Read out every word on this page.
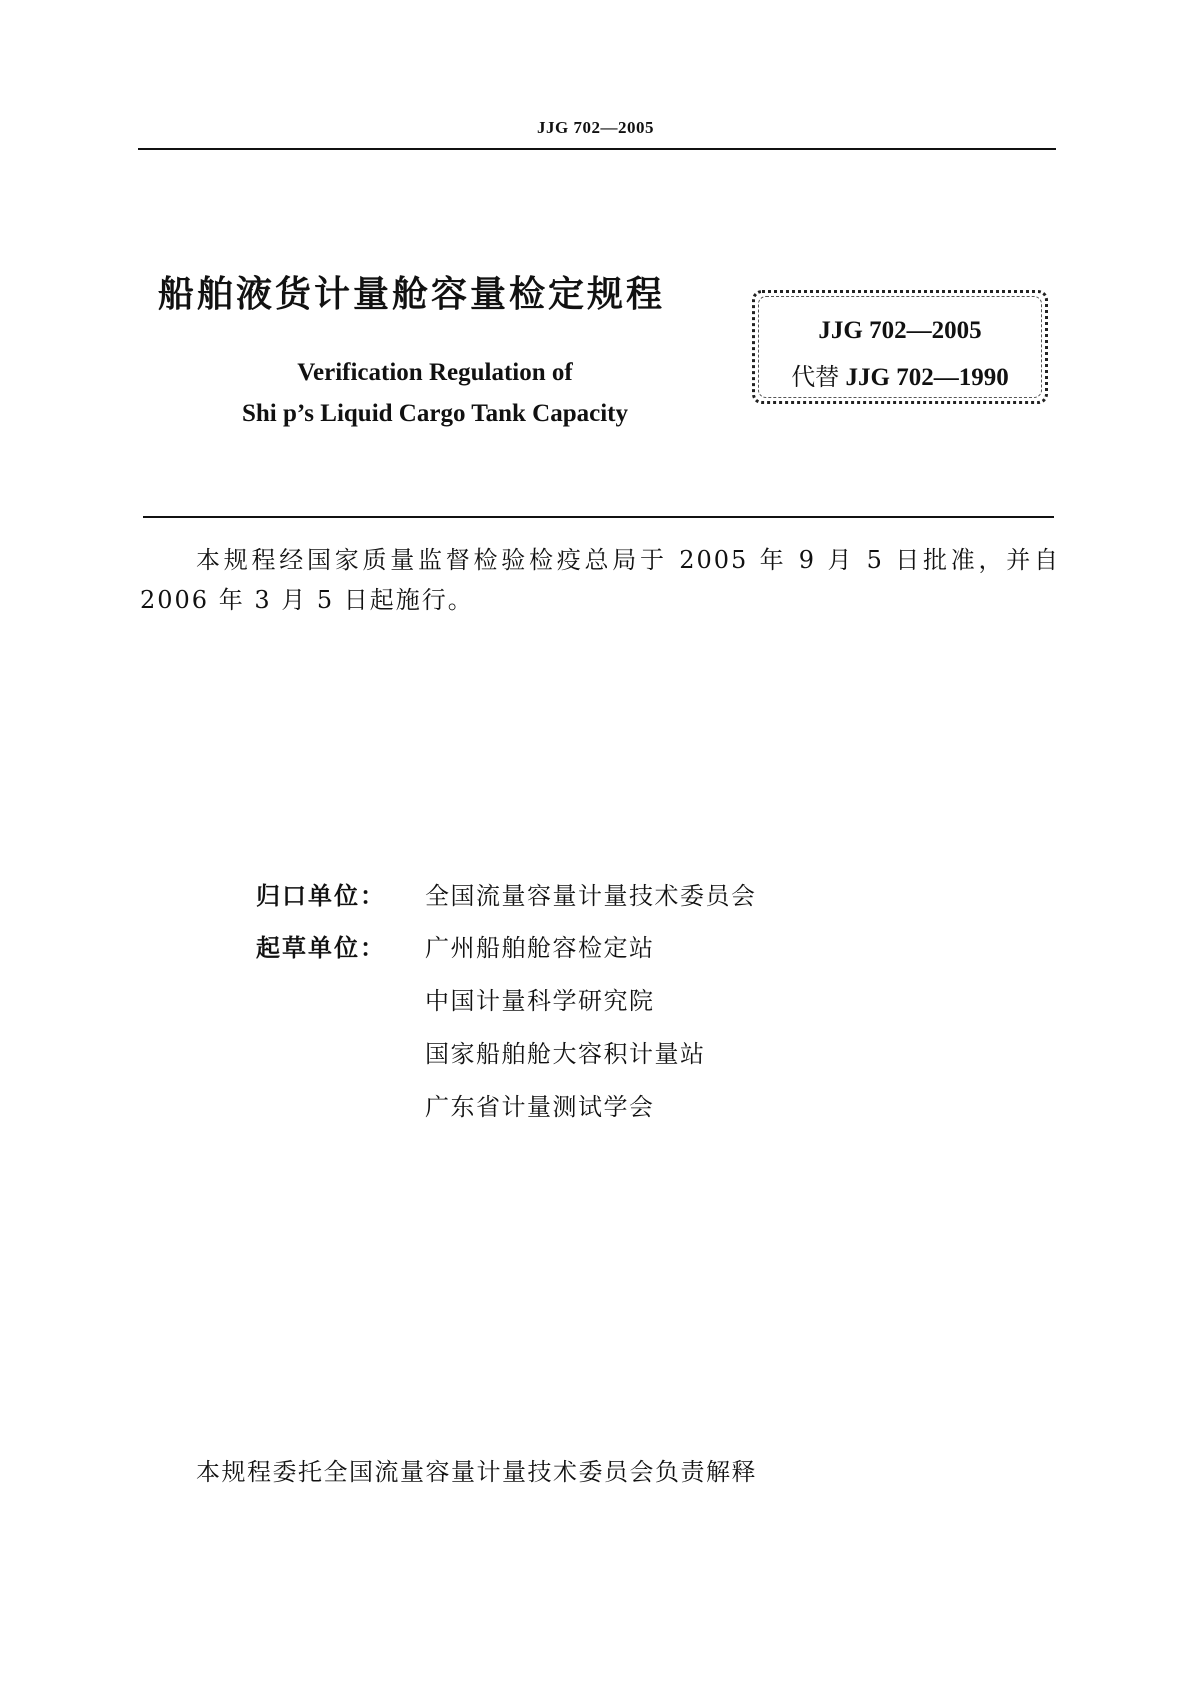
JJG 702—2005
船舶液货计量舱容量检定规程
Verification Regulation of
Shi p’s Liquid Cargo Tank Capacity
JJG 702—2005
代替 JJG 702—1990
本规程经国家质量监督检验检疫总局于 2005 年 9 月 5 日批准，并自 2006 年 3 月 5 日起施行。
归口单位： 全国流量容量计量技术委员会
起草单位： 广州船舶舱容检定站
中国计量科学研究院
国家船舶舱大容积计量站
广东省计量测试学会
本规程委托全国流量容量计量技术委员会负责解释
